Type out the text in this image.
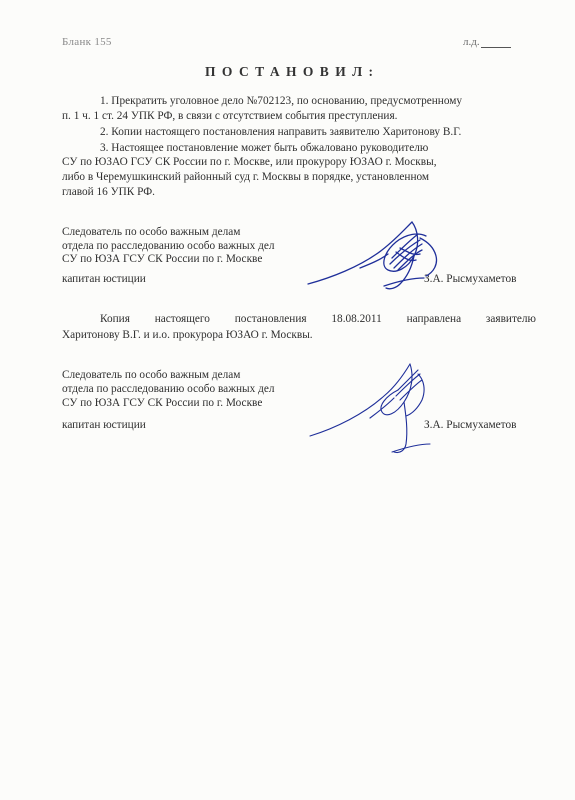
Бланк 155	л.д.
ПОСТАНОВИЛ:
1. Прекратить уголовное дело №702123, по основанию, предусмотренному
п. 1 ч. 1 ст. 24 УПК РФ, в связи с отсутствием события преступления.
2. Копии настоящего постановления направить заявителю Харитонову В.Г.
3. Настоящее постановление может быть обжаловано руководителю
СУ по ЮЗАО ГСУ СК России по г. Москве, или прокурору ЮЗАО г. Москвы,
либо в Черемушкинский районный суд г. Москвы в порядке, установленном
главой 16 УПК РФ.
Следователь по особо важным делам
отдела по расследованию особо важных дел
СУ по ЮЗА ГСУ СК России по г. Москве
капитан юстиции	З.А. Рысмухаметов
Копия настоящего постановления 18.08.2011 направлена заявителю
Харитонову В.Г. и и.о. прокурора ЮЗАО г. Москвы.
Следователь по особо важным делам
отдела по расследованию особо важных дел
СУ по ЮЗА ГСУ СК России по г. Москве
капитан юстиции	З.А. Рысмухаметов
